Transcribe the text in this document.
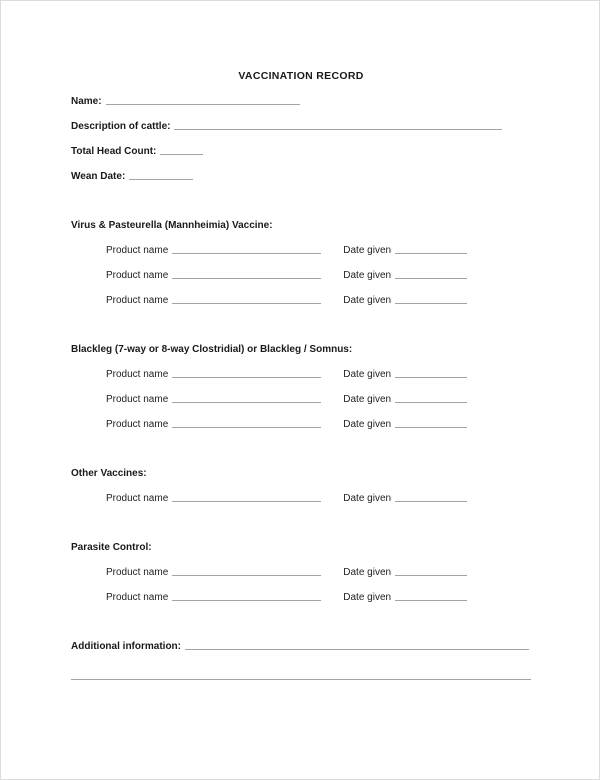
VACCINATION RECORD
Name:
Description of cattle:
Total Head Count:
Wean Date:
Virus & Pasteurella (Mannheimia) Vaccine:
Product name	Date given
Product name	Date given
Product name	Date given
Blackleg (7-way or 8-way Clostridial) or Blackleg / Somnus:
Product name	Date given
Product name	Date given
Product name	Date given
Other Vaccines:
Product name	Date given
Parasite Control:
Product name	Date given
Product name	Date given
Additional information:
